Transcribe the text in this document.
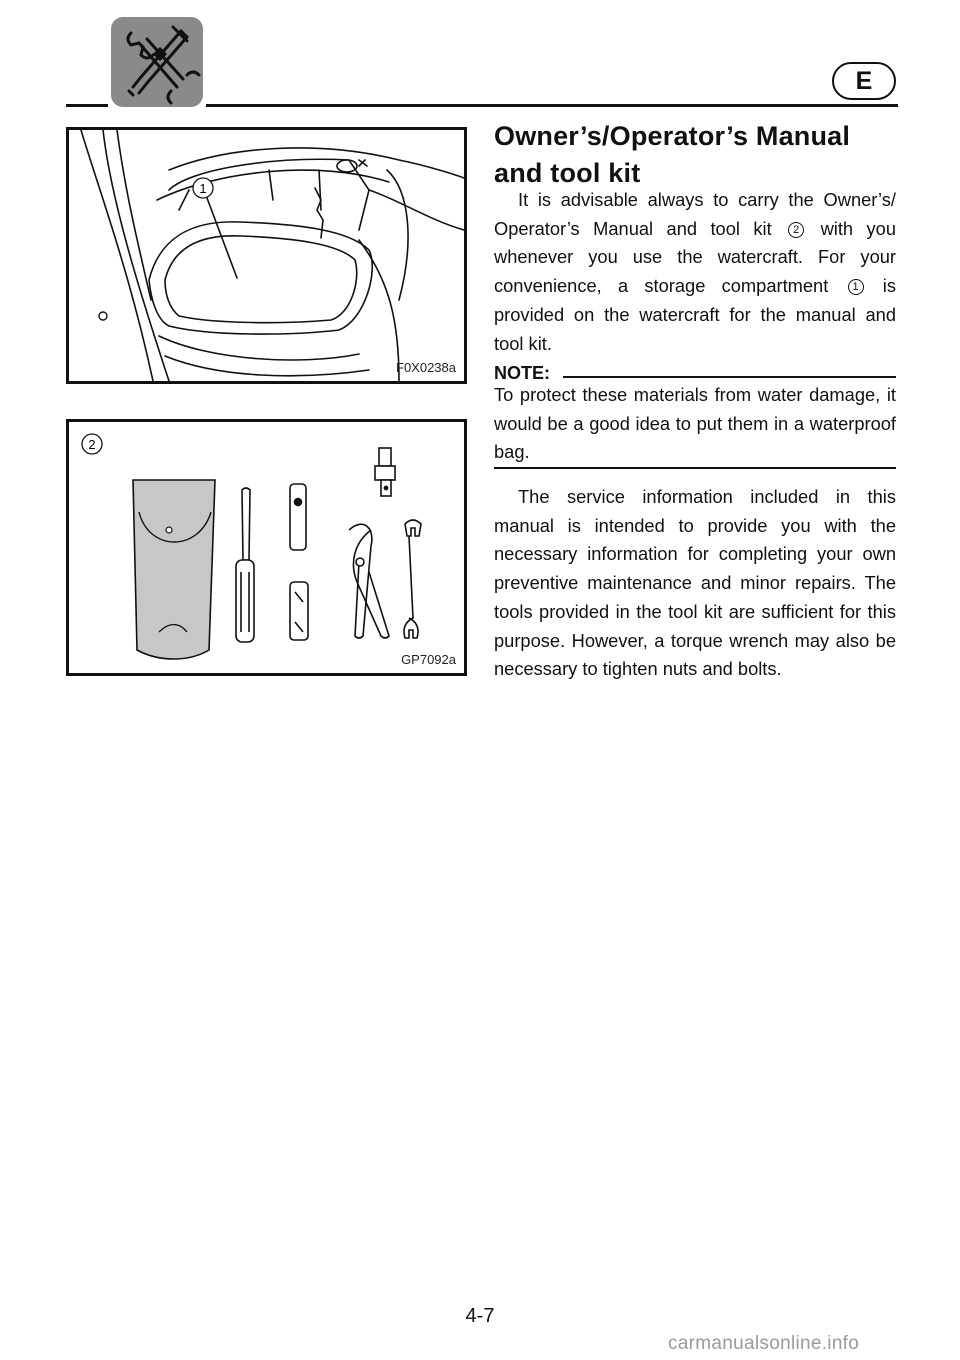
E
1
F0X0238a
2
GP7092a
Owner’s/Operator’s Manual
and tool kit
It is advisable always to carry the Owner’s/ Operator’s Manual and tool kit 2 with you whenever you use the watercraft. For your convenience, a storage compartment 1 is provided on the watercraft for the manual and tool kit.
NOTE:
To protect these materials from water damage, it would be a good idea to put them in a waterproof bag.
The service information included in this manual is intended to provide you with the necessary information for completing your own preventive maintenance and minor repairs. The tools provided in the tool kit are sufficient for this purpose. However, a torque wrench may also be necessary to tighten nuts and bolts.
4-7
carmanualsonline.info
